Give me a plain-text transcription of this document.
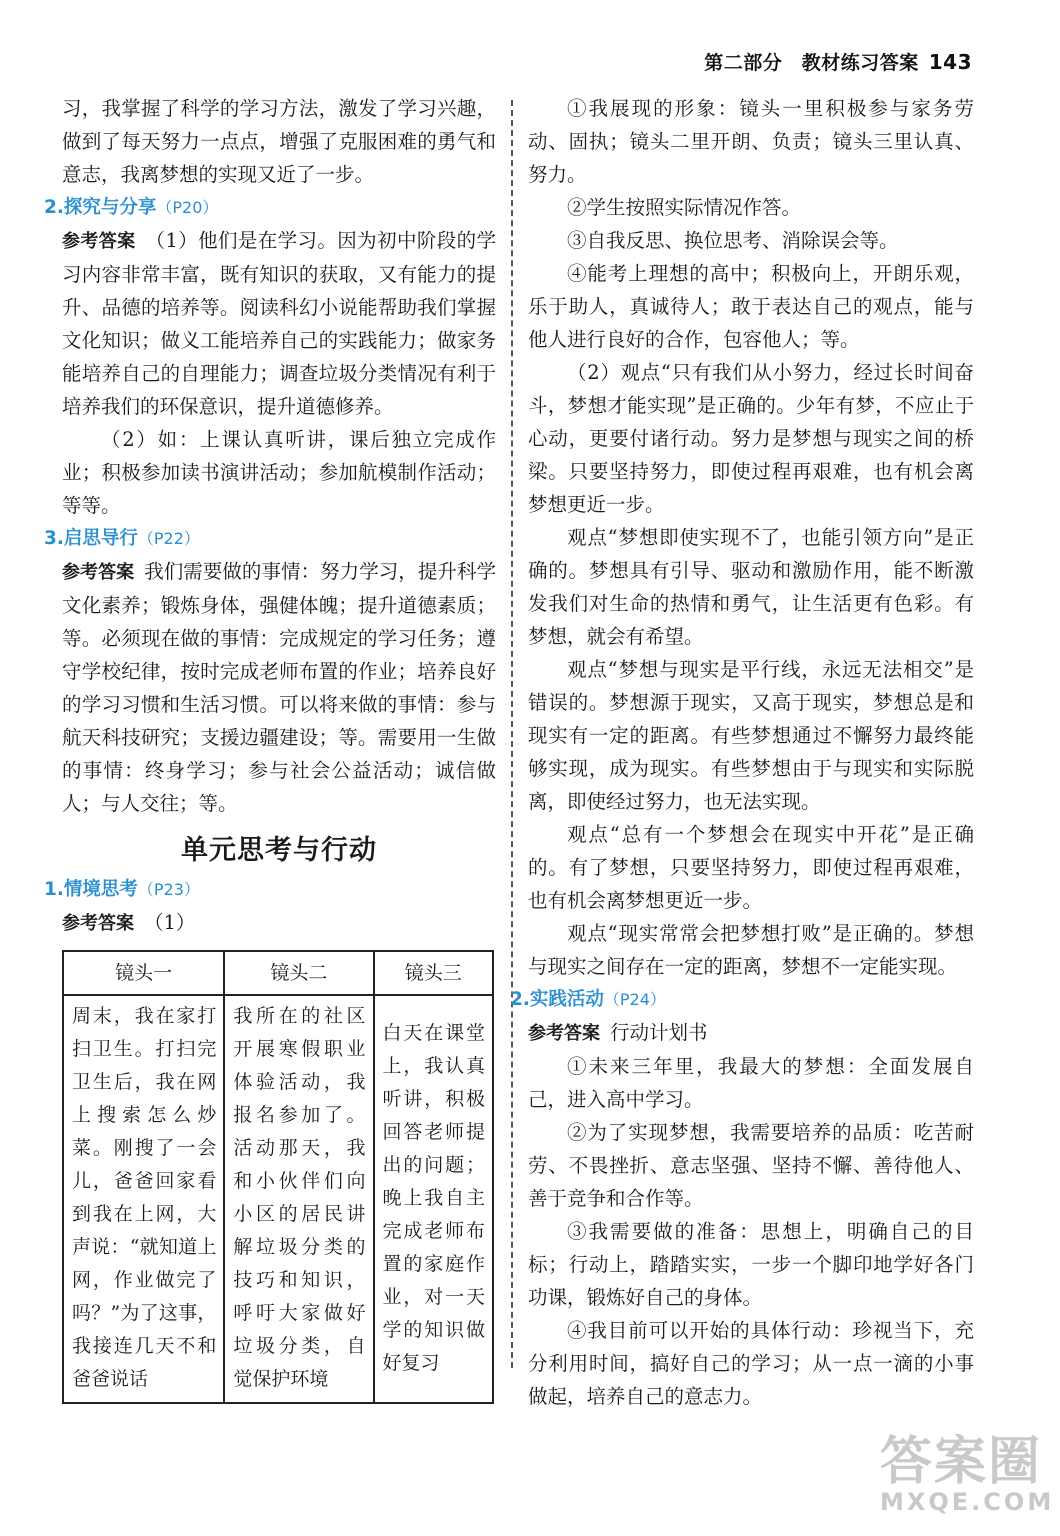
第二部分　教材练习答案 143

习，我掌握了科学的学习方法，激发了学习兴趣，做到了每天努力一点点，增强了克服困难的勇气和意志，我离梦想的实现又近了一步。

2.探究与分享（P20）

参考答案 （1）他们是在学习。因为初中阶段的学习内容非常丰富，既有知识的获取，又有能力的提升、品德的培养等。阅读科幻小说能帮助我们掌握文化知识；做义工能培养自己的实践能力；做家务能培养自己的自理能力；调查垃圾分类情况有利于培养我们的环保意识，提升道德修养。

（2）如：上课认真听讲，课后独立完成作业；积极参加读书演讲活动；参加航模制作活动；等等。

3.启思导行（P22）

参考答案 我们需要做的事情：努力学习，提升科学文化素养；锻炼身体，强健体魄；提升道德素质；等。必须现在做的事情：完成规定的学习任务；遵守学校纪律，按时完成老师布置的作业；培养良好的学习习惯和生活习惯。可以将来做的事情：参与航天科技研究；支援边疆建设；等。需要用一生做的事情：终身学习；参与社会公益活动；诚信做人；与人交往；等。

单元思考与行动

1.情境思考（P23）

参考答案 （1）

镜头一	镜头二	镜头三
周末，我在家打扫卫生。打扫完卫生后，我在网上搜索怎么炒菜。刚搜了一会儿，爸爸回家看到我在上网，大声说：“就知道上网，作业做完了吗？”为了这事，我接连几天不和爸爸说话	我所在的社区开展寒假职业体验活动，我报名参加了。活动那天，我和小伙伴们向小区的居民讲解垃圾分类的技巧和知识，呼吁大家做好垃圾分类，自觉保护环境	白天在课堂上，我认真听讲，积极回答老师提出的问题；晚上我自主完成老师布置的家庭作业，对一天学的知识做好复习

①我展现的形象：镜头一里积极参与家务劳动、固执；镜头二里开朗、负责；镜头三里认真、努力。

②学生按照实际情况作答。

③自我反思、换位思考、消除误会等。

④能考上理想的高中；积极向上，开朗乐观，乐于助人，真诚待人；敢于表达自己的观点，能与他人进行良好的合作，包容他人；等。

（2）观点“只有我们从小努力，经过长时间奋斗，梦想才能实现”是正确的。少年有梦，不应止于心动，更要付诸行动。努力是梦想与现实之间的桥梁。只要坚持努力，即使过程再艰难，也有机会离梦想更近一步。

观点“梦想即使实现不了，也能引领方向”是正确的。梦想具有引导、驱动和激励作用，能不断激发我们对生命的热情和勇气，让生活更有色彩。有梦想，就会有希望。

观点“梦想与现实是平行线，永远无法相交”是错误的。梦想源于现实，又高于现实，梦想总是和现实有一定的距离。有些梦想通过不懈努力最终能够实现，成为现实。有些梦想由于与现实和实际脱离，即使经过努力，也无法实现。

观点“总有一个梦想会在现实中开花”是正确的。有了梦想，只要坚持努力，即使过程再艰难，也有机会离梦想更近一步。

观点“现实常常会把梦想打败”是正确的。梦想与现实之间存在一定的距离，梦想不一定能实现。

2.实践活动（P24）

参考答案 行动计划书

①未来三年里，我最大的梦想：全面发展自己，进入高中学习。

②为了实现梦想，我需要培养的品质：吃苦耐劳、不畏挫折、意志坚强、坚持不懈、善待他人、善于竞争和合作等。

③我需要做的准备：思想上，明确自己的目标；行动上，踏踏实实，一步一个脚印地学好各门功课，锻炼好自己的身体。

④我目前可以开始的具体行动：珍视当下，充分利用时间，搞好自己的学习；从一点一滴的小事做起，培养自己的意志力。

答案圈
MXQE.COM
